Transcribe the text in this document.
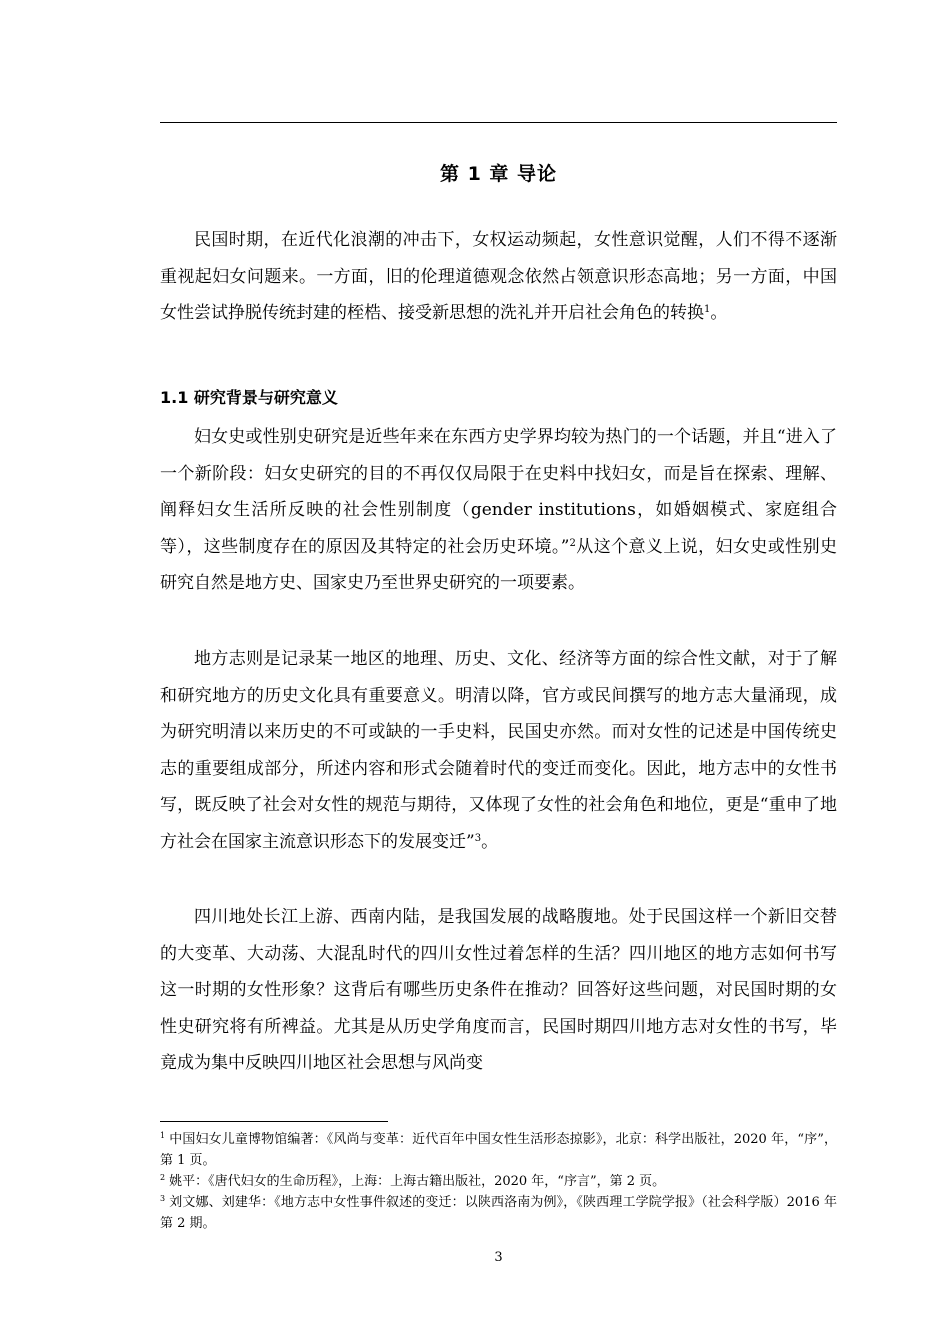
第 1 章 导论

民国时期，在近代化浪潮的冲击下，女权运动频起，女性意识觉醒，人们不得不逐渐重视起妇女问题来。一方面，旧的伦理道德观念依然占领意识形态高地；另一方面，中国女性尝试挣脱传统封建的桎梏、接受新思想的洗礼并开启社会角色的转换$^1$。

1.1 研究背景与研究意义

妇女史或性别史研究是近些年来在东西方史学界均较为热门的一个话题，并且“进入了一个新阶段：妇女史研究的目的不再仅仅局限于在史料中找妇女，而是旨在探索、理解、阐释妇女生活所反映的社会性别制度（gender institutions，如婚姻模式、家庭组合等），这些制度存在的原因及其特定的社会历史环境。”$^2$从这个意义上说，妇女史或性别史研究自然是地方史、国家史乃至世界史研究的一项要素。

地方志则是记录某一地区的地理、历史、文化、经济等方面的综合性文献，对于了解和研究地方的历史文化具有重要意义。明清以降，官方或民间撰写的地方志大量涌现，成为研究明清以来历史的不可或缺的一手史料，民国史亦然。而对女性的记述是中国传统史志的重要组成部分，所述内容和形式会随着时代的变迁而变化。因此，地方志中的女性书写，既反映了社会对女性的规范与期待，又体现了女性的社会角色和地位，更是“重申了地方社会在国家主流意识形态下的发展变迁”$^3$。

四川地处长江上游、西南内陆，是我国发展的战略腹地。处于民国这样一个新旧交替的大变革、大动荡、大混乱时代的四川女性过着怎样的生活？四川地区的地方志如何书写这一时期的女性形象？这背后有哪些历史条件在推动？回答好这些问题，对民国时期的女性史研究将有所裨益。尤其是从历史学角度而言，民国时期四川地方志对女性的书写，毕竟成为集中反映四川地区社会思想与风尚变

$^1$ 中国妇女儿童博物馆编著：《风尚与变革：近代百年中国女性生活形态掠影》，北京：科学出版社，2020 年，“序”，第 1 页。

$^2$ 姚平：《唐代妇女的生命历程》，上海：上海古籍出版社，2020 年，“序言”，第 2 页。

$^3$ 刘文娜、刘建华：《地方志中女性事件叙述的变迁：以陕西洛南为例》，《陕西理工学院学报》（社会科学版）2016 年第 2 期。

3
